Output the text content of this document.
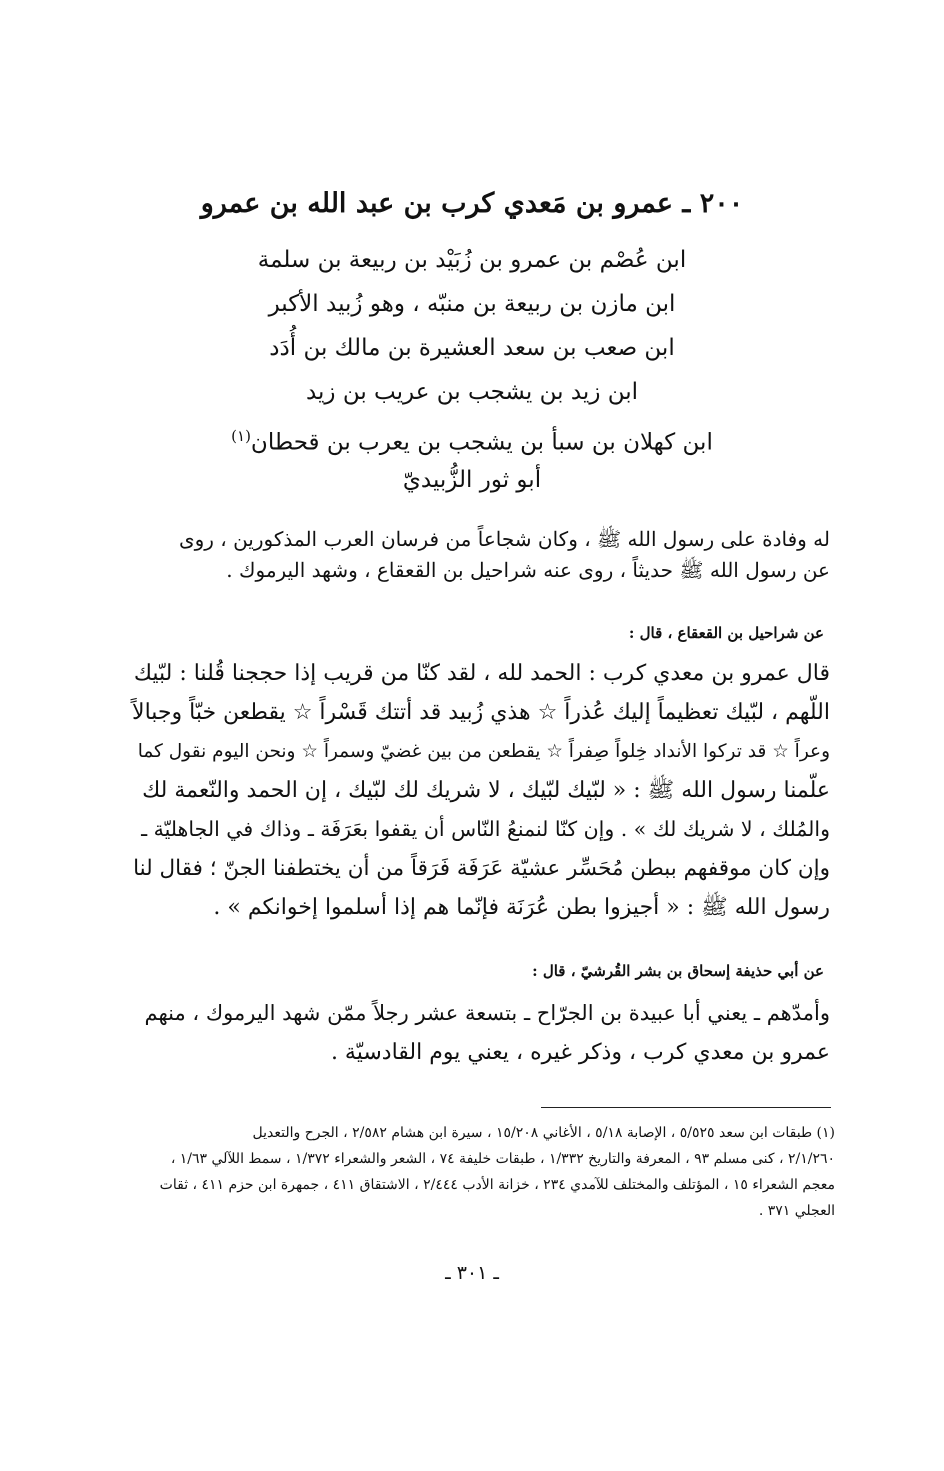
٢٠٠ ـ عمرو بن مَعدي كرب بن عبد الله بن عمرو
ابن عُصْم بن عمرو بن زُبَيْد بن ربيعة بن سلمة
ابن مازن بن ربيعة بن منبّه ، وهو زُبيد الأكبر
ابن صعب بن سعد العشيرة بن مالك بن أُدَد
ابن زيد بن يشجب بن عريب بن زيد
ابن كهلان بن سبأ بن يشجب بن يعرب بن قحطان$^{(١)}$
أبو ثور الزُّبيديّ
له وفادة على رسول الله ﷺ ، وكان شجاعاً من فرسان العرب المذكورين ، روى
عن رسول الله ﷺ حديثاً ، روى عنه شراحيل بن القعقاع ، وشهد اليرموك .
عن شراحيل بن القعقاع ، قال :
قال عمرو بن معدي كرب : الحمد لله ، لقد كنّا من قريب إذا حججنا قُلنا : لبّيك
اللّهم ، لبّيك تعظيماً إليك عُذراً ☆ هذي زُبيد قد أتتك قَسْراً ☆ يقطعن خبّاً وجبالاً
وعراً ☆ قد تركوا الأنداد خِلواً صِفراً ☆ يقطعن من بين غضيّ وسمراً ☆ ونحن اليوم نقول كما
علّمنا رسول الله ﷺ : « لبّيك لبّيك ، لا شريك لك لبّيك ، إن الحمد والنّعمة لك
والمُلك ، لا شريك لك » . وإن كنّا لنمنعُ النّاس أن يقفوا بعَرَفَة ـ وذاك في الجاهليّة ـ
وإن كان موقفهم ببطن مُحَسِّر عشيّة عَرَفَة فَرَقاً من أن يختطفنا الجنّ ؛ فقال لنا
رسول الله ﷺ : « أجيزوا بطن عُرَنَة فإنّما هم إذا أسلموا إخوانكم » .
عن أبي حذيفة إسحاق بن بشر القُرشيّ ، قال :
وأمدّهم ـ يعني أبا عبيدة بن الجرّاح ـ بتسعة عشر رجلاً ممّن شهد اليرموك ، منهم
عمرو بن معدي كرب ، وذكر غيره ، يعني يوم القادسيّة .
(١) طبقات ابن سعد ٥/٥٢٥ ، الإصابة ٥/١٨ ، الأغاني ١٥/٢٠٨ ، سيرة ابن هشام ٢/٥٨٢ ، الجرح والتعديل
٢/١/٢٦٠ ، كنى مسلم ٩٣ ، المعرفة والتاريخ ١/٣٣٢ ، طبقات خليفة ٧٤ ، الشعر والشعراء ١/٣٧٢ ، سمط اللآلي ١/٦٣ ،
معجم الشعراء ١٥ ، المؤتلف والمختلف للآمدي ٢٣٤ ، خزانة الأدب ٢/٤٤٤ ، الاشتقاق ٤١١ ، جمهرة ابن حزم ٤١١ ، ثقات
العجلي ٣٧١ .
ـ ٣٠١ ـ
